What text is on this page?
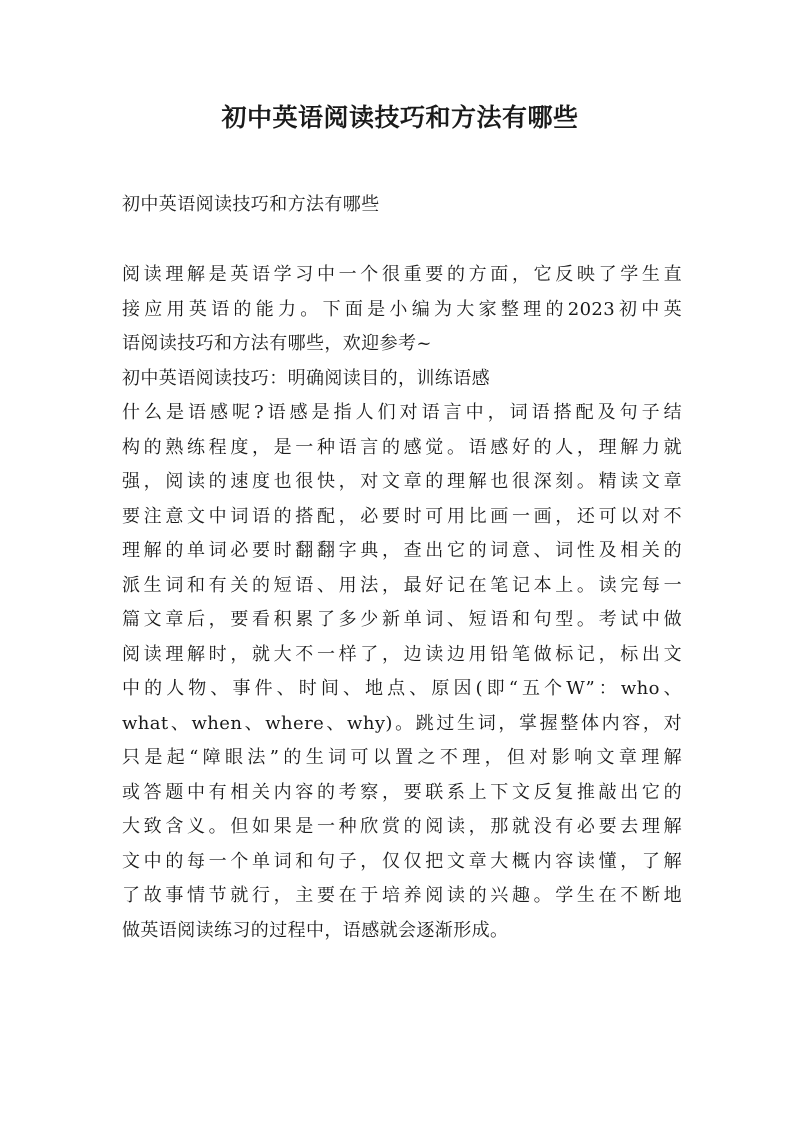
初中英语阅读技巧和方法有哪些
初中英语阅读技巧和方法有哪些
阅读理解是英语学习中一个很重要的方面，它反映了学生直
接应用英语的能力。下面是小编为大家整理的2023初中英
语阅读技巧和方法有哪些，欢迎参考~
初中英语阅读技巧：明确阅读目的，训练语感
什么是语感呢?语感是指人们对语言中，词语搭配及句子结
构的熟练程度，是一种语言的感觉。语感好的人，理解力就
强，阅读的速度也很快，对文章的理解也很深刻。精读文章
要注意文中词语的搭配，必要时可用比画一画，还可以对不
理解的单词必要时翻翻字典，查出它的词意、词性及相关的
派生词和有关的短语、用法，最好记在笔记本上。读完每一
篇文章后，要看积累了多少新单词、短语和句型。考试中做
阅读理解时，就大不一样了，边读边用铅笔做标记，标出文
中的人物、事件、时间、地点、原因(即“五个W”：who、
what、when、where、why)。跳过生词，掌握整体内容，对
只是起“障眼法”的生词可以置之不理，但对影响文章理解
或答题中有相关内容的考察，要联系上下文反复推敲出它的
大致含义。但如果是一种欣赏的阅读，那就没有必要去理解
文中的每一个单词和句子，仅仅把文章大概内容读懂，了解
了故事情节就行，主要在于培养阅读的兴趣。学生在不断地
做英语阅读练习的过程中，语感就会逐渐形成。
